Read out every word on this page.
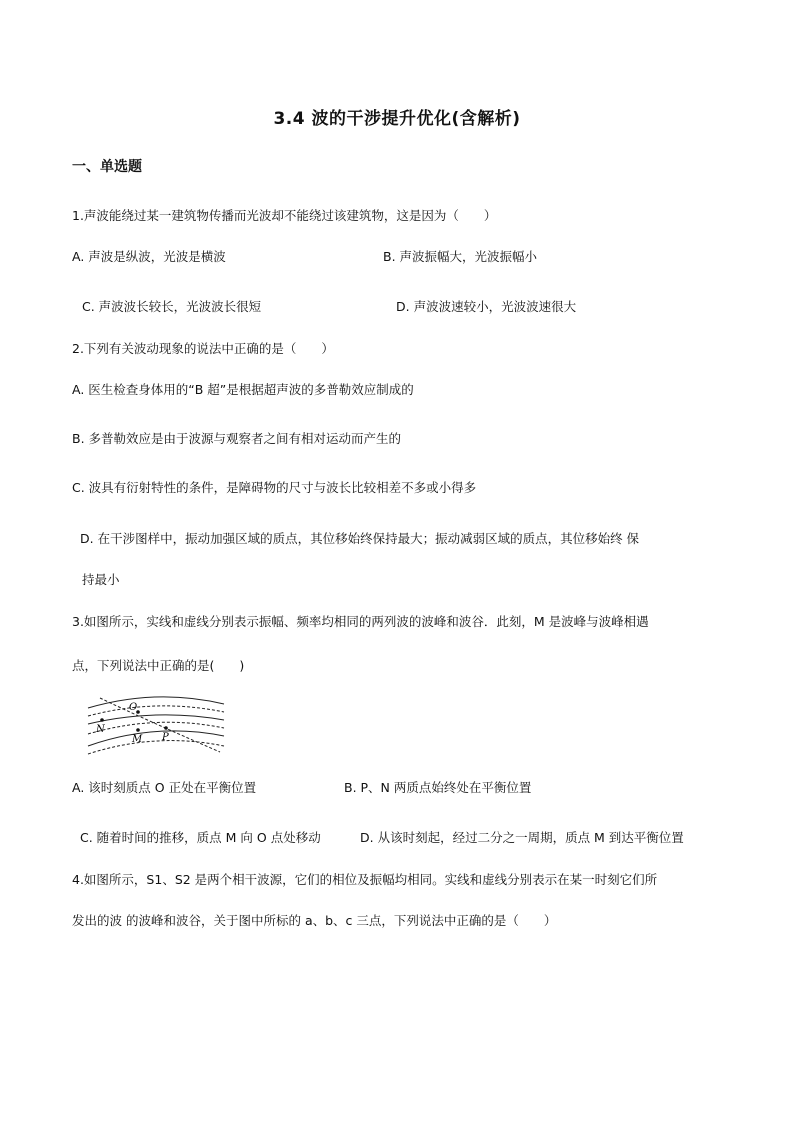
3.4 波的干涉提升优化(含解析)
一、单选题
1.声波能绕过某一建筑物传播而光波却不能绕过该建筑物，这是因为（　　）
A. 声波是纵波，光波是横波	B. 声波振幅大，光波振幅小
C. 声波波长较长，光波波长很短	D. 声波波速较小，光波波速很大
2.下列有关波动现象的说法中正确的是（　　）
A. 医生检查身体用的“B 超”是根据超声波的多普勒效应制成的
B. 多普勒效应是由于波源与观察者之间有相对运动而产生的
C. 波具有衍射特性的条件，是障碍物的尺寸与波长比较相差不多或小得多
D. 在干涉图样中，振动加强区域的质点，其位移始终保持最大；振动减弱区域的质点，其位移始终 保
持最小
3.如图所示，实线和虚线分别表示振幅、频率均相同的两列波的波峰和波谷．此刻，M 是波峰与波峰相遇
点，下列说法中正确的是(　　)
O
N
M P
A. 该时刻质点 O 正处在平衡位置	B. P、N 两质点始终处在平衡位置
C. 随着时间的推移，质点 M 向 O 点处移动	D. 从该时刻起，经过二分之一周期，质点 M 到达平衡位置
4.如图所示，S1、S2 是两个相干波源，它们的相位及振幅均相同。实线和虚线分别表示在某一时刻它们所
发出的波 的波峰和波谷，关于图中所标的 a、b、c 三点，下列说法中正确的是（　　）
